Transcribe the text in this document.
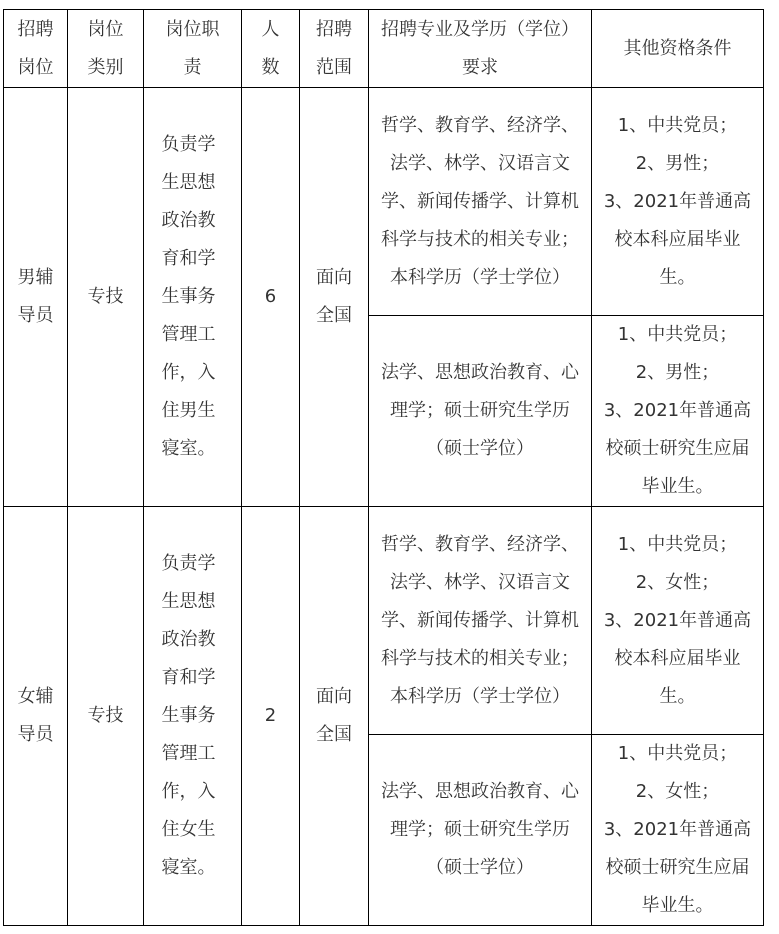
招聘岗位	岗位类别	岗位职责	人数	招聘范围	招聘专业及学历（学位）要求	其他资格条件
男辅导员	专技	负责学生思想政治教育和学生事务管理工作，入住男生寝室。	6	面向全国	哲学、教育学、经济学、法学、林学、汉语言文学、新闻传播学、计算机科学与技术的相关专业；本科学历（学士学位）	1、中共党员；
2、男性；
3、2021年普通高校本科应届毕业生。

					法学、思想政治教育、心理学；硕士研究生学历（硕士学位）	1、中共党员；
2、男性；
3、2021年普通高校硕士研究生应届毕业生。

女辅导员	专技	负责学生思想政治教育和学生事务管理工作，入住女生寝室。	2	面向全国	哲学、教育学、经济学、法学、林学、汉语言文学、新闻传播学、计算机科学与技术的相关专业；本科学历（学士学位）	1、中共党员；
2、女性；
3、2021年普通高校本科应届毕业生。

					法学、思想政治教育、心理学；硕士研究生学历（硕士学位）	1、中共党员；
2、女性；
3、2021年普通高校硕士研究生应届毕业生。
